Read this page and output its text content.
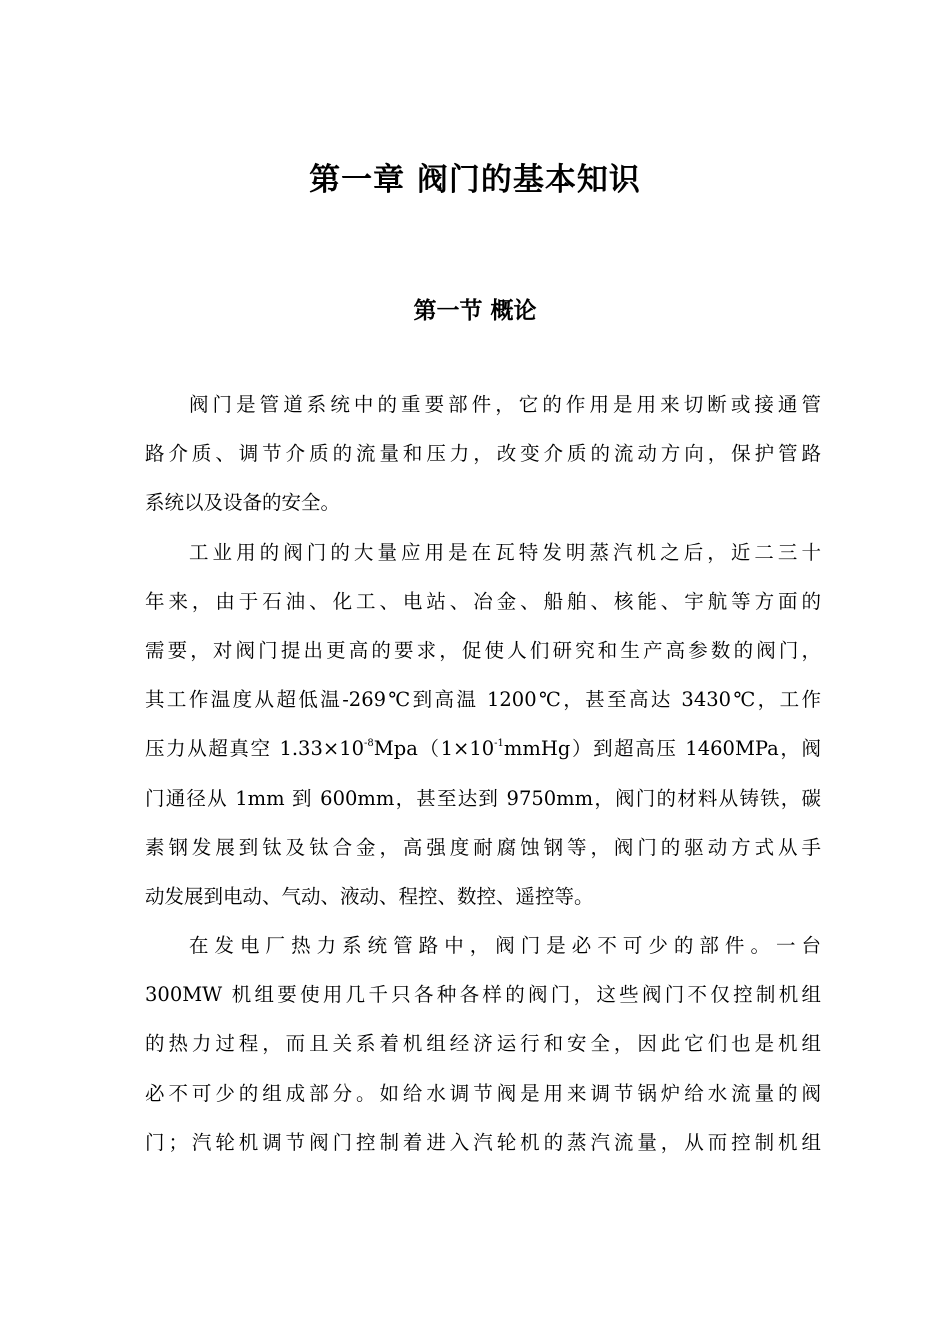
第一章 阀门的基本知识
第一节 概论
阀门是管道系统中的重要部件，它的作用是用来切断或接通管
路介质、调节介质的流量和压力，改变介质的流动方向，保护管路
系统以及设备的安全。
工业用的阀门的大量应用是在瓦特发明蒸汽机之后，近二三十
年来，由于石油、化工、电站、冶金、船舶、核能、宇航等方面的
需要，对阀门提出更高的要求，促使人们研究和生产高参数的阀门，
其工作温度从超低温-269℃到高温 1200℃，甚至高达 3430℃，工作
压力从超真空 $1.33\times 10^{-8}Mpa(1\times 10^{-1}mmHg)$到超高压 1460MPa，阀
门通径从 1mm 到 600mm，甚至达到 9750mm，阀门的材料从铸铁，碳
素钢发展到钛及钛合金，高强度耐腐蚀钢等，阀门的驱动方式从手
动发展到电动、气动、液动、程控、数控、遥控等。
在发电厂热力系统管路中，阀门是必不可少的部件。一台
300MW 机组要使用几千只各种各样的阀门，这些阀门不仅控制机组
的热力过程，而且关系着机组经济运行和安全，因此它们也是机组
必不可少的组成部分。如给水调节阀是用来调节锅炉给水流量的阀
门；汽轮机调节阀门控制着进入汽轮机的蒸汽流量，从而控制机组
